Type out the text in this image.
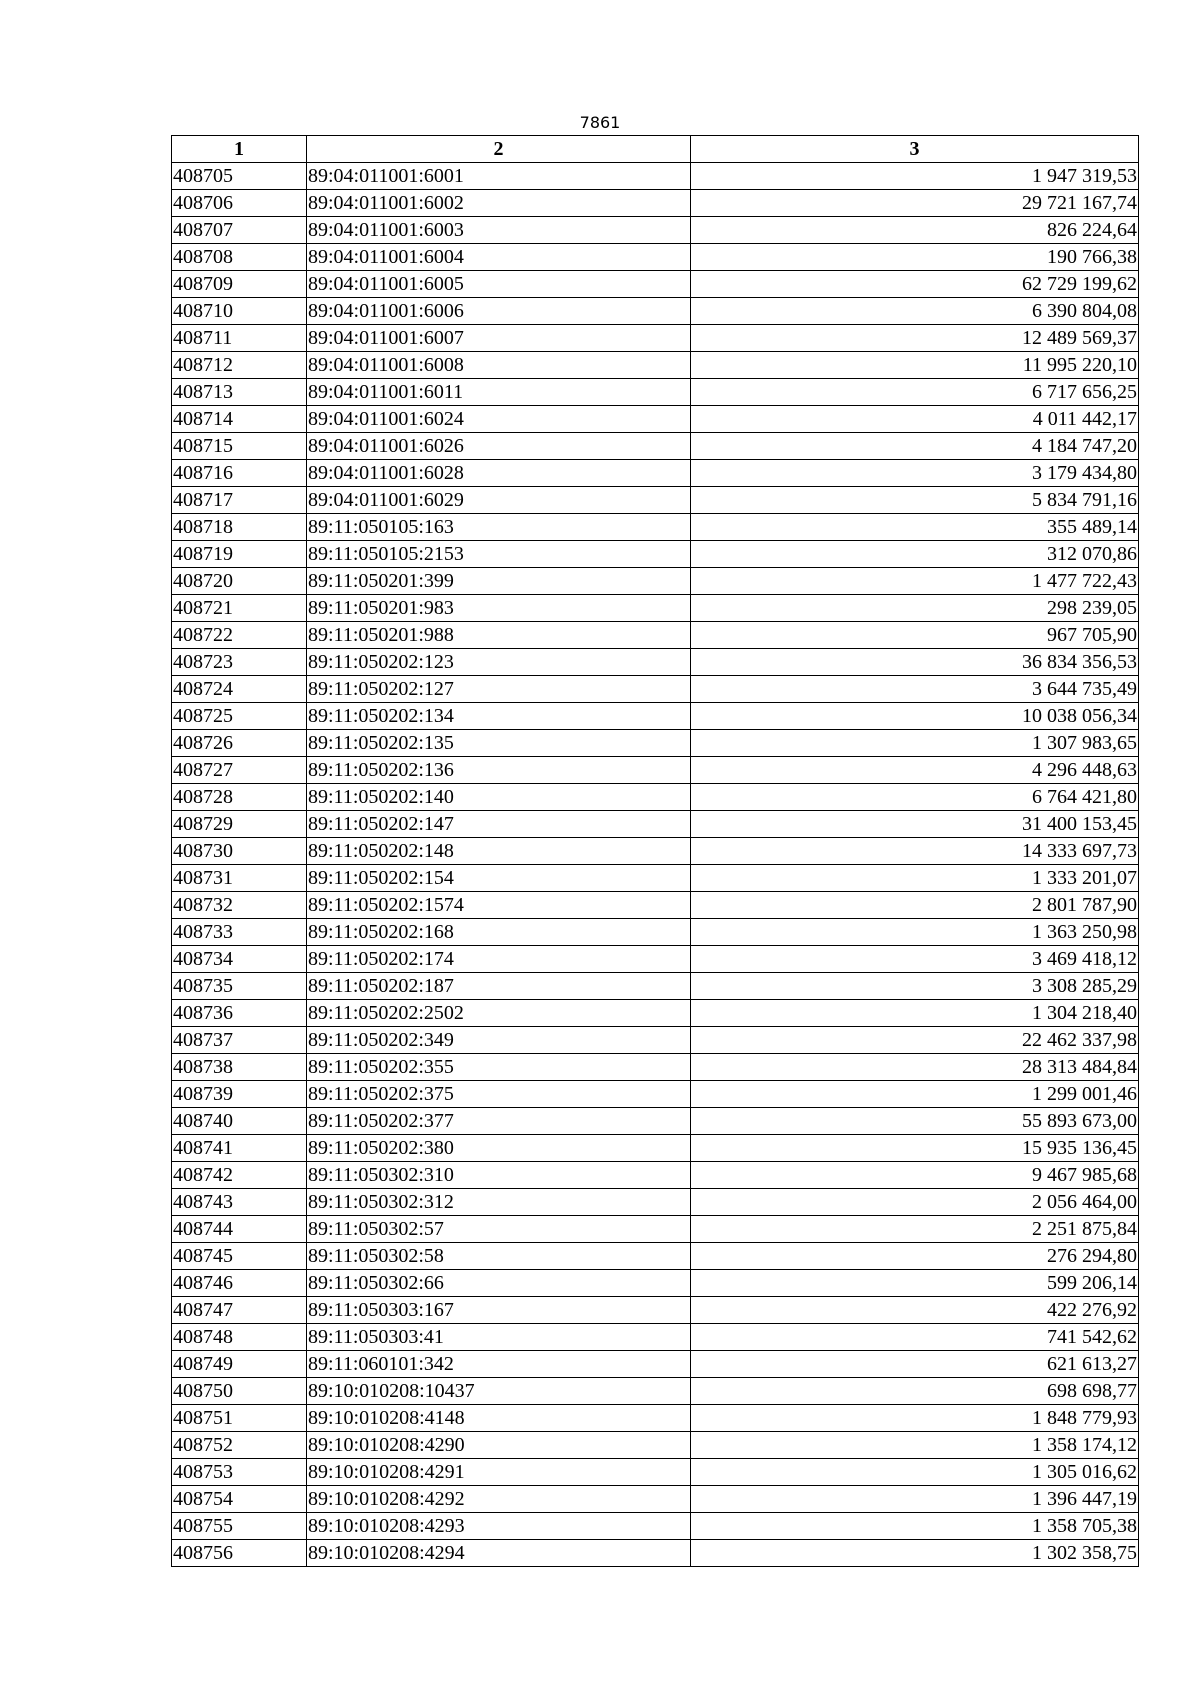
7861
1	2	3
408705	89:04:011001:6001	1 947 319,53
408706	89:04:011001:6002	29 721 167,74
408707	89:04:011001:6003	826 224,64
408708	89:04:011001:6004	190 766,38
408709	89:04:011001:6005	62 729 199,62
408710	89:04:011001:6006	6 390 804,08
408711	89:04:011001:6007	12 489 569,37
408712	89:04:011001:6008	11 995 220,10
408713	89:04:011001:6011	6 717 656,25
408714	89:04:011001:6024	4 011 442,17
408715	89:04:011001:6026	4 184 747,20
408716	89:04:011001:6028	3 179 434,80
408717	89:04:011001:6029	5 834 791,16
408718	89:11:050105:163	355 489,14
408719	89:11:050105:2153	312 070,86
408720	89:11:050201:399	1 477 722,43
408721	89:11:050201:983	298 239,05
408722	89:11:050201:988	967 705,90
408723	89:11:050202:123	36 834 356,53
408724	89:11:050202:127	3 644 735,49
408725	89:11:050202:134	10 038 056,34
408726	89:11:050202:135	1 307 983,65
408727	89:11:050202:136	4 296 448,63
408728	89:11:050202:140	6 764 421,80
408729	89:11:050202:147	31 400 153,45
408730	89:11:050202:148	14 333 697,73
408731	89:11:050202:154	1 333 201,07
408732	89:11:050202:1574	2 801 787,90
408733	89:11:050202:168	1 363 250,98
408734	89:11:050202:174	3 469 418,12
408735	89:11:050202:187	3 308 285,29
408736	89:11:050202:2502	1 304 218,40
408737	89:11:050202:349	22 462 337,98
408738	89:11:050202:355	28 313 484,84
408739	89:11:050202:375	1 299 001,46
408740	89:11:050202:377	55 893 673,00
408741	89:11:050202:380	15 935 136,45
408742	89:11:050302:310	9 467 985,68
408743	89:11:050302:312	2 056 464,00
408744	89:11:050302:57	2 251 875,84
408745	89:11:050302:58	276 294,80
408746	89:11:050302:66	599 206,14
408747	89:11:050303:167	422 276,92
408748	89:11:050303:41	741 542,62
408749	89:11:060101:342	621 613,27
408750	89:10:010208:10437	698 698,77
408751	89:10:010208:4148	1 848 779,93
408752	89:10:010208:4290	1 358 174,12
408753	89:10:010208:4291	1 305 016,62
408754	89:10:010208:4292	1 396 447,19
408755	89:10:010208:4293	1 358 705,38
408756	89:10:010208:4294	1 302 358,75
